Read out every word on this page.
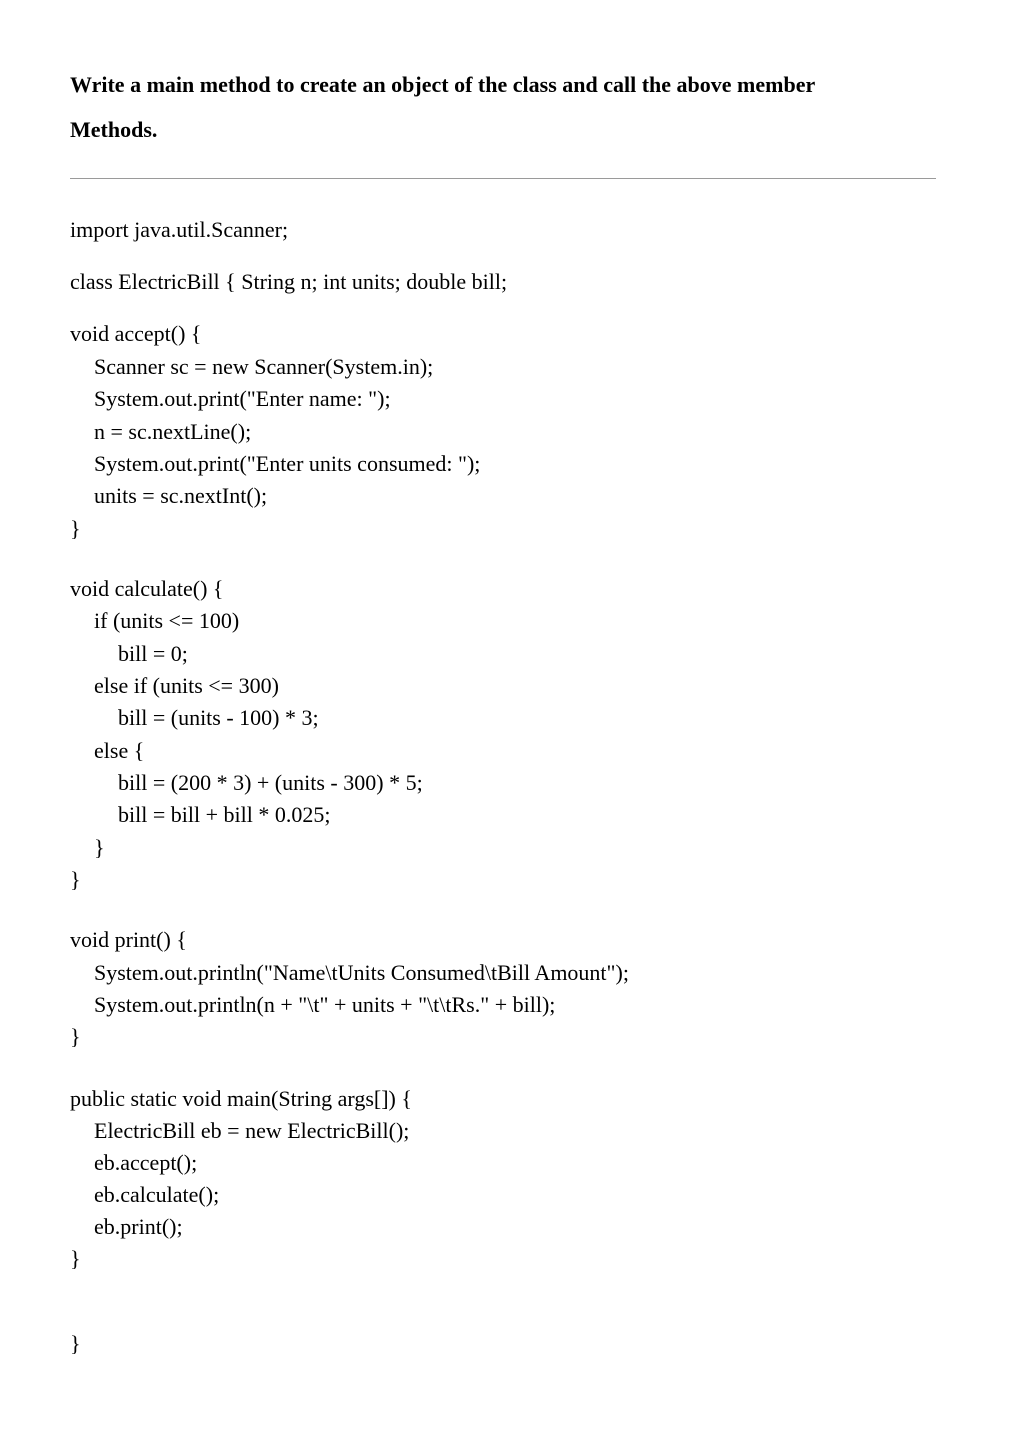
Write a main method to create an object of the class and call the above member
Methods.
import java.util.Scanner;
class ElectricBill { String n; int units; double bill;
void accept() {
Scanner sc = new Scanner(System.in);
System.out.print("Enter name: ");
n = sc.nextLine();
System.out.print("Enter units consumed: ");
units = sc.nextInt();
}
void calculate() {
if (units <= 100)
bill = 0;
else if (units <= 300)
bill = (units - 100) * 3;
else {
bill = (200 * 3) + (units - 300) * 5;
bill = bill + bill * 0.025;
}
}
void print() {
System.out.println("Name\tUnits Consumed\tBill Amount");
System.out.println(n + "\t" + units + "\t\tRs." + bill);
}
public static void main(String args[]) {
ElectricBill eb = new ElectricBill();
eb.accept();
eb.calculate();
eb.print();
}
}
